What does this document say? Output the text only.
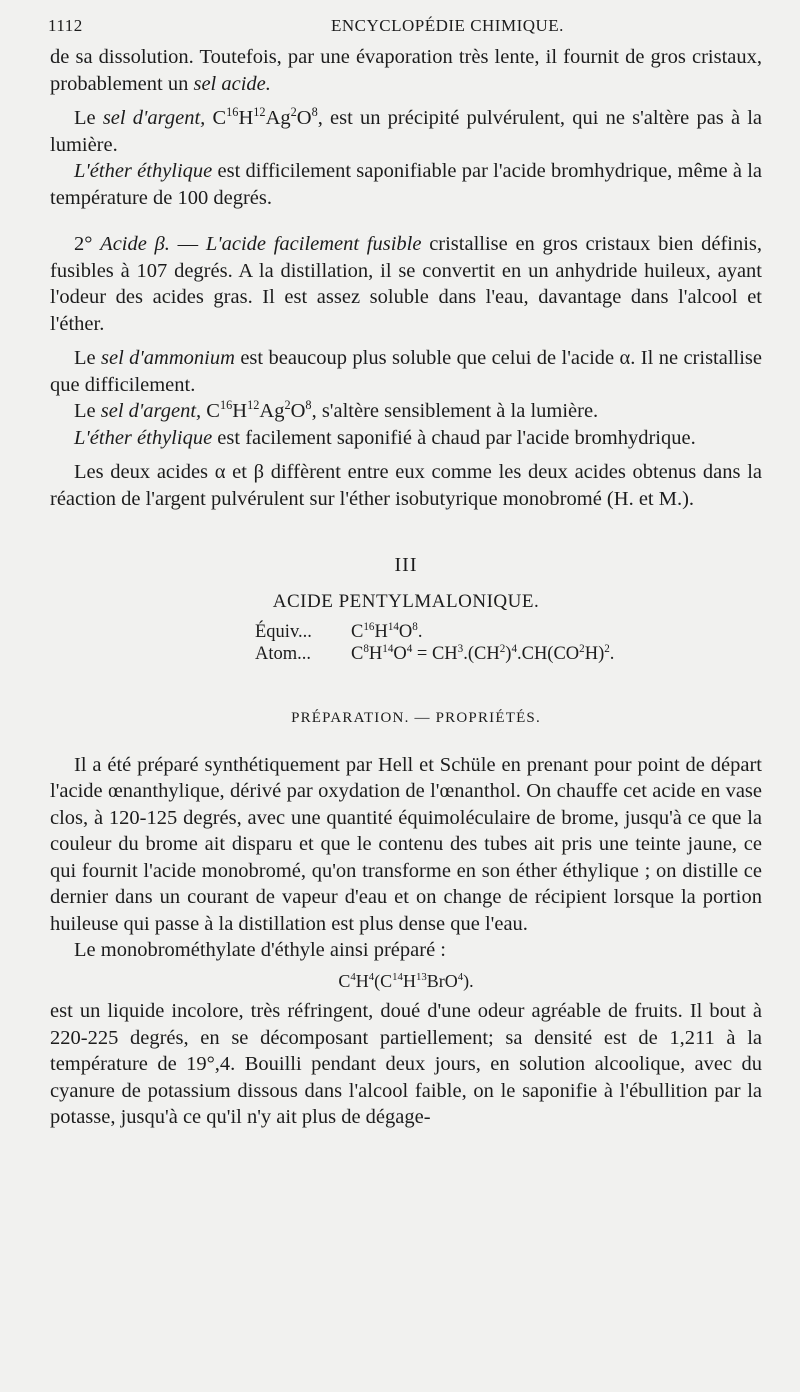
1112	ENCYCLOPÉDIE CHIMIQUE.

de sa dissolution. Toutefois, par une évaporation très lente, il fournit de gros cristaux, probablement un sel acide.

Le sel d'argent, $C^{16}H^{12}Ag^2O^8$, est un précipité pulvérulent, qui ne s'altère pas à la lumière.

L'éther éthylique est difficilement saponifiable par l'acide bromhydrique, même à la température de 100 degrés.

2° Acide β. — L'acide facilement fusible cristallise en gros cristaux bien définis, fusibles à 107 degrés. A la distillation, il se convertit en un anhydride huileux, ayant l'odeur des acides gras. Il est assez soluble dans l'eau, davantage dans l'alcool et l'éther.

Le sel d'ammonium est beaucoup plus soluble que celui de l'acide α. Il ne cristallise que difficilement.

Le sel d'argent, $C^{16}H^{12}Ag^2O^8$, s'altère sensiblement à la lumière.

L'éther éthylique est facilement saponifié à chaud par l'acide bromhydrique.

Les deux acides α et β diffèrent entre eux comme les deux acides obtenus dans la réaction de l'argent pulvérulent sur l'éther isobutyrique monobromé (H. et M.).

III

ACIDE PENTYLMALONIQUE.

Équiv... $C^{16}H^{14}O^8$.
Atom... $C^8H^{14}O^4 = CH^3.(CH^2)^4.CH(CO^2H)^2$.

PRÉPARATION. — PROPRIÉTÉS.

Il a été préparé synthétiquement par Hell et Schüle en prenant pour point de départ l'acide œnanthylique, dérivé par oxydation de l'œnanthol. On chauffe cet acide en vase clos, à 120-125 degrés, avec une quantité équimoléculaire de brome, jusqu'à ce que la couleur du brome ait disparu et que le contenu des tubes ait pris une teinte jaune, ce qui fournit l'acide monobromé, qu'on transforme en son éther éthylique ; on distille ce dernier dans un courant de vapeur d'eau et on change de récipient lorsque la portion huileuse qui passe à la distillation est plus dense que l'eau.

Le monobrométhylate d'éthyle ainsi préparé :

$C^4H^4(C^{14}H^{13}BrO^4)$.

est un liquide incolore, très réfringent, doué d'une odeur agréable de fruits. Il bout à 220-225 degrés, en se décomposant partiellement; sa densité est de 1,211 à la température de 19°,4. Bouilli pendant deux jours, en solution alcoolique, avec du cyanure de potassium dissous dans l'alcool faible, on le saponifie à l'ébullition par la potasse, jusqu'à ce qu'il n'y ait plus de dégage-
